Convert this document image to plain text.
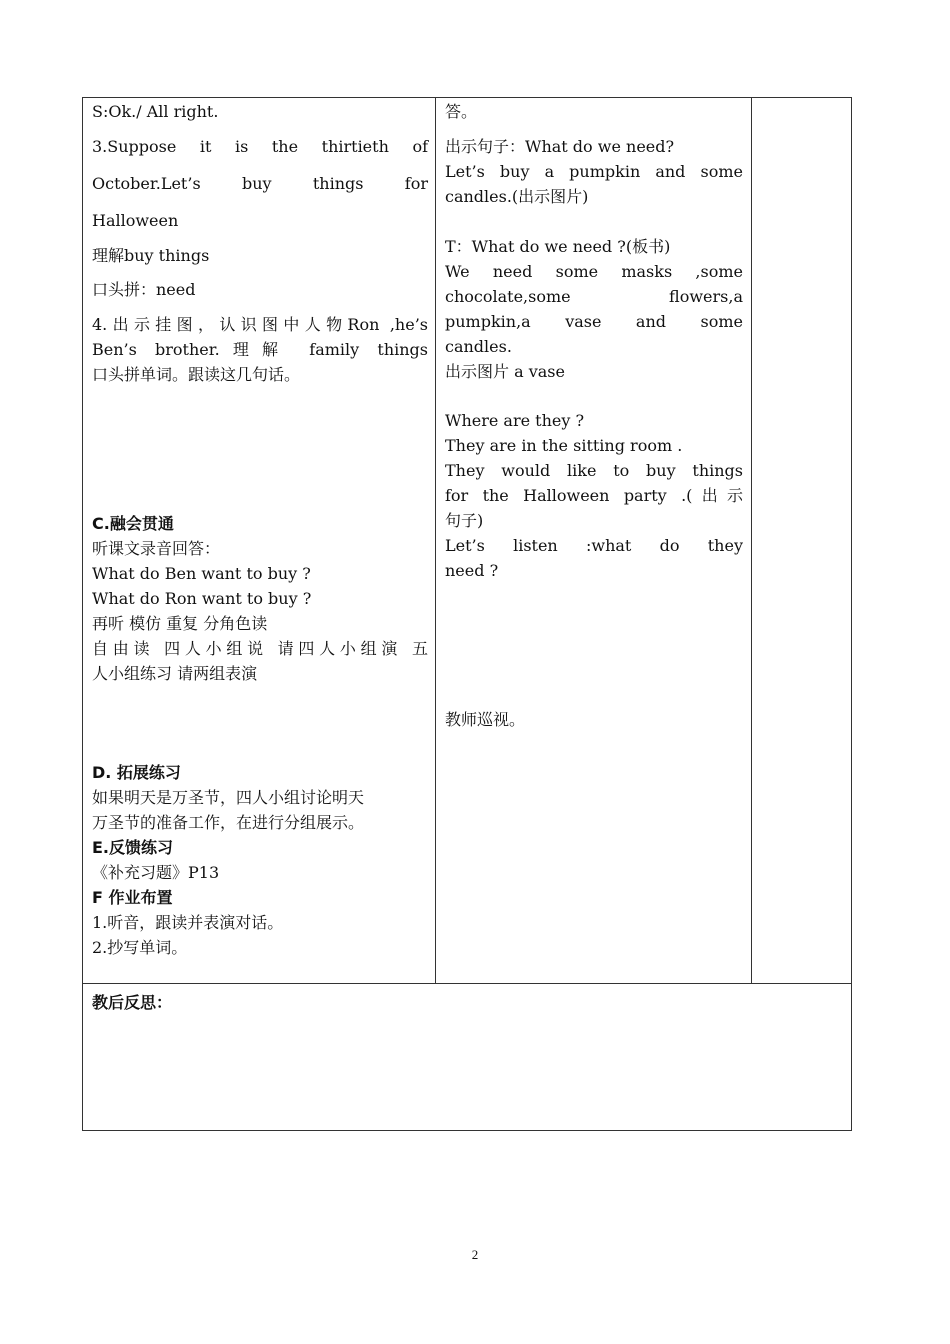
S:Ok./ All right.
3.Suppose it is the thirtieth of
October.Let’s buy things for
Halloween
理解buy things
口头拼：need
4.出示挂图，认识图中人物Ron ,he’s
Ben’s brother.理解 family things
口头拼单词。跟读这几句话。
C.融会贯通
听课文录音回答：
What do Ben want to buy ?
What do Ron want to buy ?
再听 模仿 重复 分角色读
自由读 四人小组说 请四人小组演 五
人小组练习 请两组表演
D. 拓展练习
如果明天是万圣节，四人小组讨论明天
万圣节的准备工作，在进行分组展示。
E.反馈练习
《补充习题》P13
F 作业布置
1.听音，跟读并表演对话。
2.抄写单词。
答。
出示句子：What do we need?
Let’s buy a pumpkin and some
candles.(出示图片)
T：What do we need ?(板书)
We need some masks ,some
chocolate,some flowers,a
pumpkin,a vase and some
candles.
出示图片 a vase
Where are they ?
They are in the sitting room .
They would like to buy things
for the Halloween party .(出示
句子)
Let’s listen :what do they
need ?
教师巡视。
教后反思：
2
